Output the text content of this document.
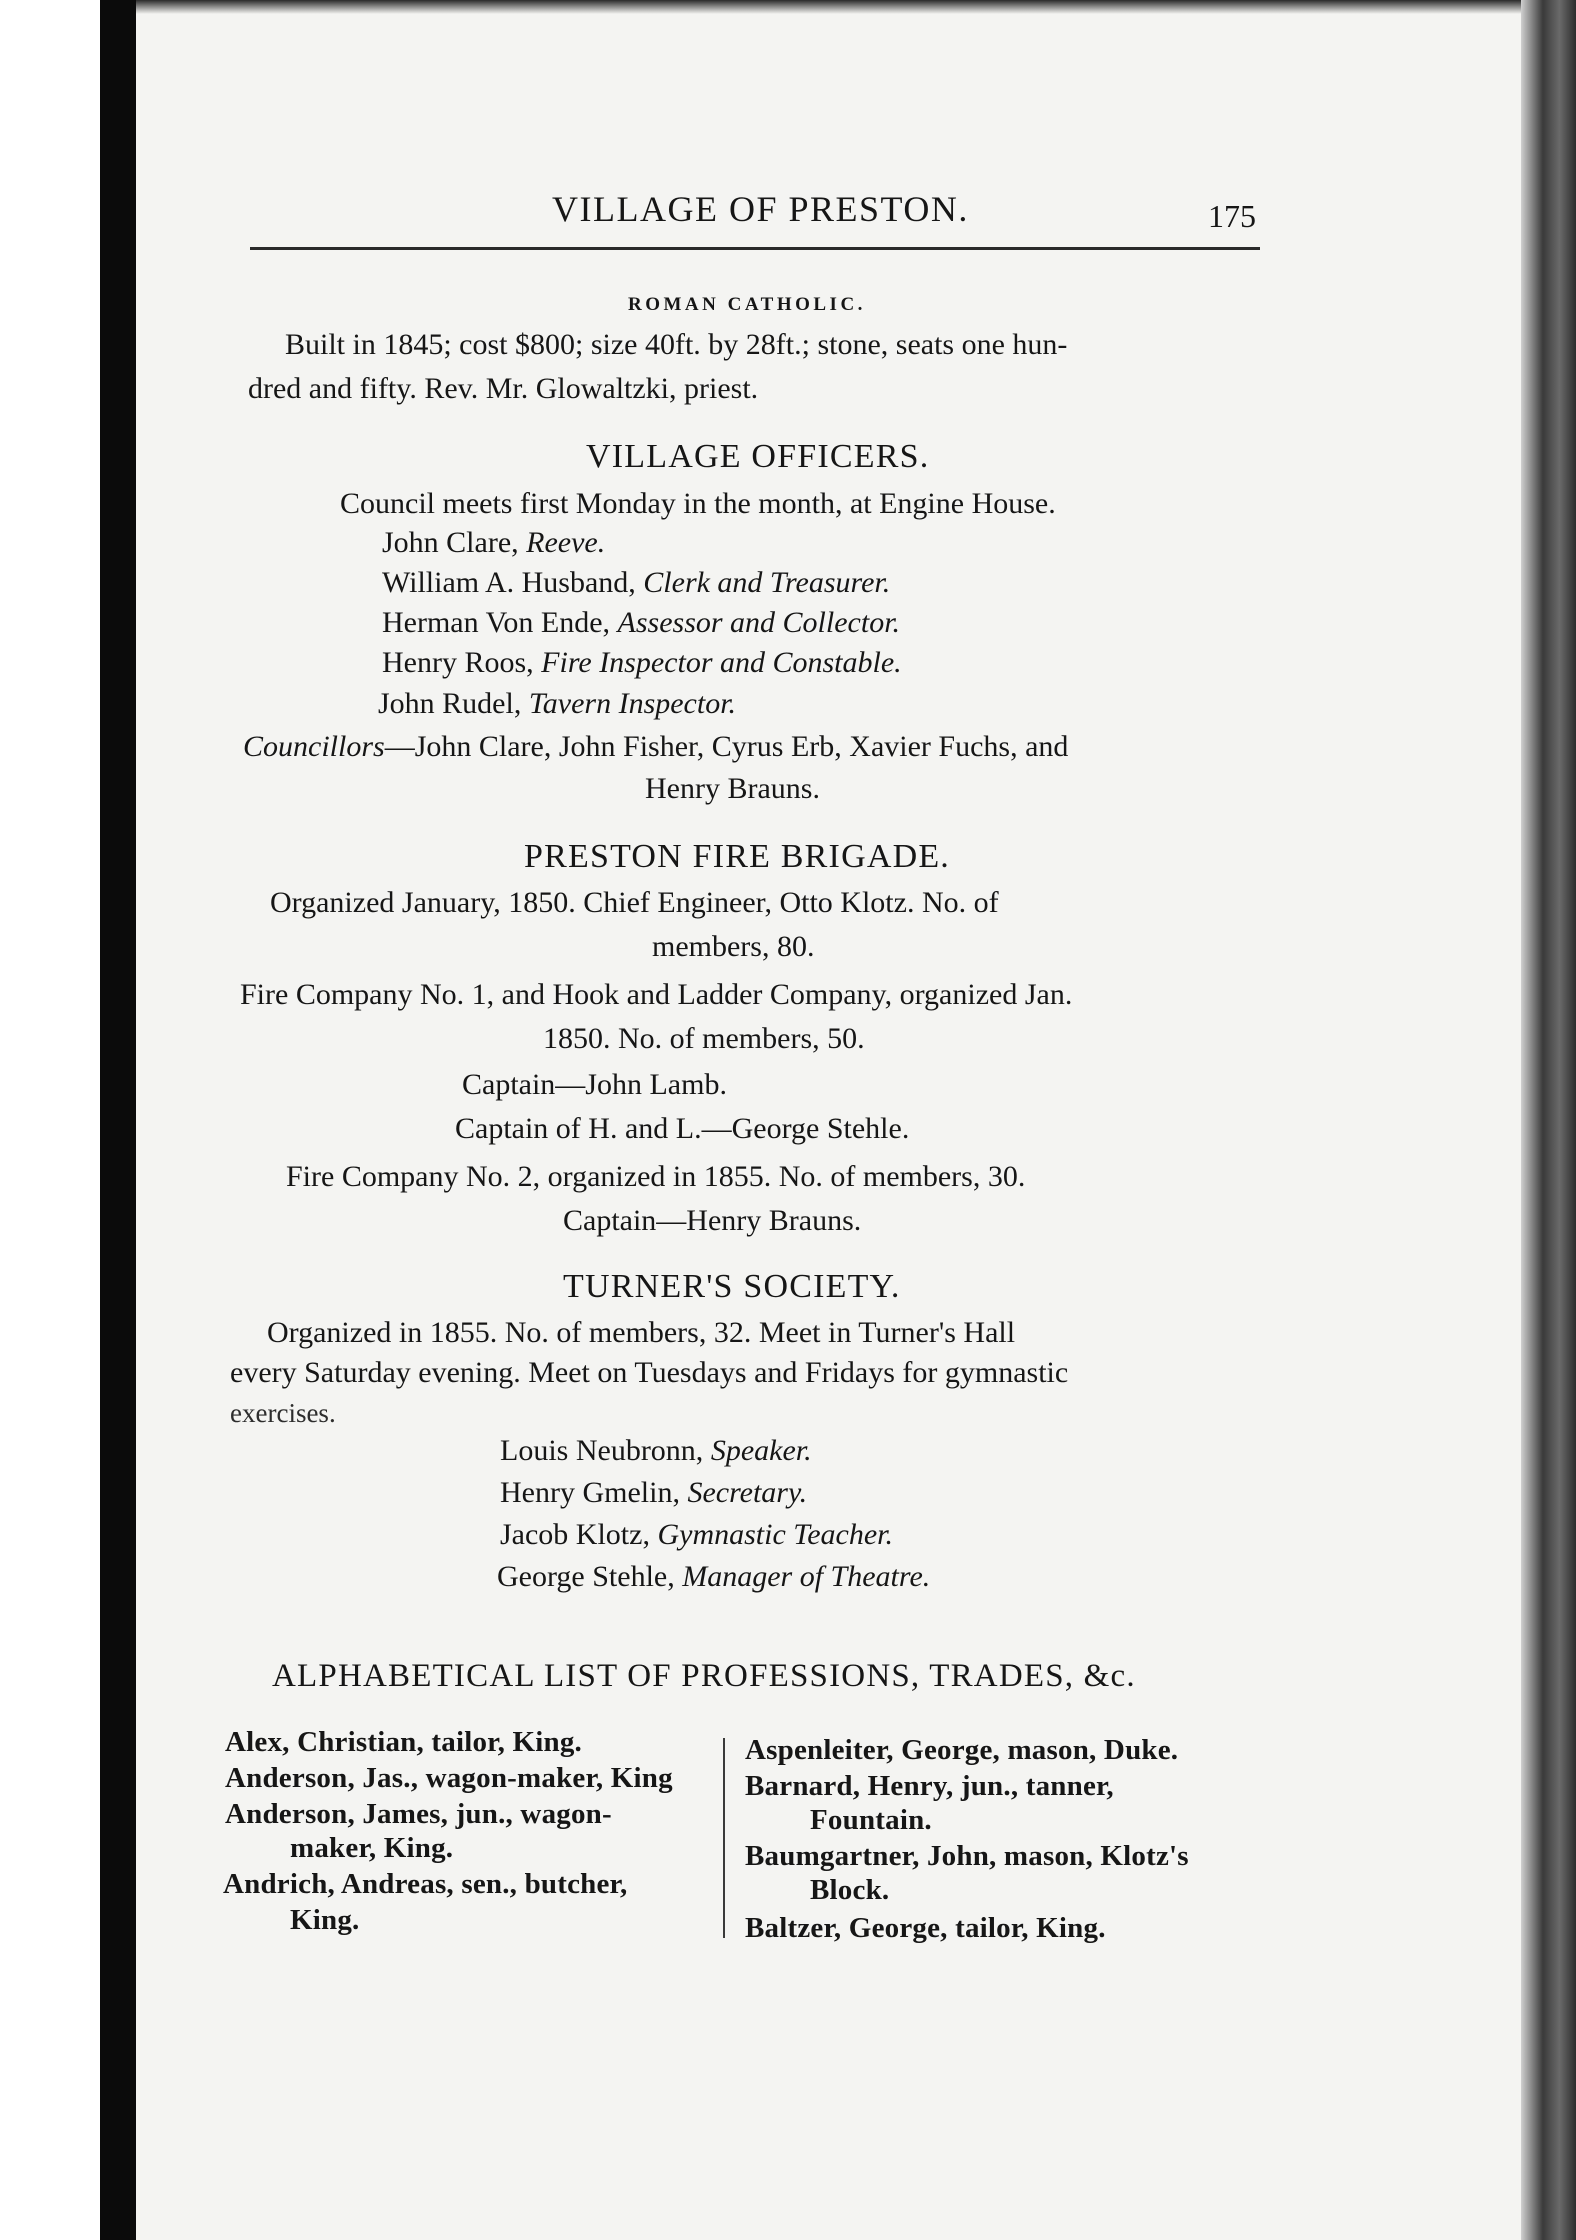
VILLAGE OF PRESTON.	175
ROMAN CATHOLIC.
Built in 1845; cost $800; size 40ft. by 28ft.; stone, seats one hun-
dred and fifty. Rev. Mr. Glowaltzki, priest.
VILLAGE OFFICERS.
Council meets first Monday in the month, at Engine House.
John Clare, Reeve.
William A. Husband, Clerk and Treasurer.
Herman Von Ende, Assessor and Collector.
Henry Roos, Fire Inspector and Constable.
John Rudel, Tavern Inspector.
Councillors—John Clare, John Fisher, Cyrus Erb, Xavier Fuchs, and
Henry Brauns.
PRESTON FIRE BRIGADE.
Organized January, 1850. Chief Engineer, Otto Klotz. No. of
members, 80.
Fire Company No. 1, and Hook and Ladder Company, organized Jan.
1850. No. of members, 50.
Captain—John Lamb.
Captain of H. and L.—George Stehle.
Fire Company No. 2, organized in 1855. No. of members, 30.
Captain—Henry Brauns.
TURNER'S SOCIETY.
Organized in 1855. No. of members, 32. Meet in Turner's Hall
every Saturday evening. Meet on Tuesdays and Fridays for gymnastic
exercises.
Louis Neubronn, Speaker.
Henry Gmelin, Secretary.
Jacob Klotz, Gymnastic Teacher.
George Stehle, Manager of Theatre.
ALPHABETICAL LIST OF PROFESSIONS, TRADES, &c.
Alex, Christian, tailor, King.
Anderson, Jas., wagon-maker, King
Anderson, James, jun., wagon-
maker, King.
Andrich, Andreas, sen., butcher,
King.
Aspenleiter, George, mason, Duke.
Barnard, Henry, jun., tanner,
Fountain.
Baumgartner, John, mason, Klotz's
Block.
Baltzer, George, tailor, King.
